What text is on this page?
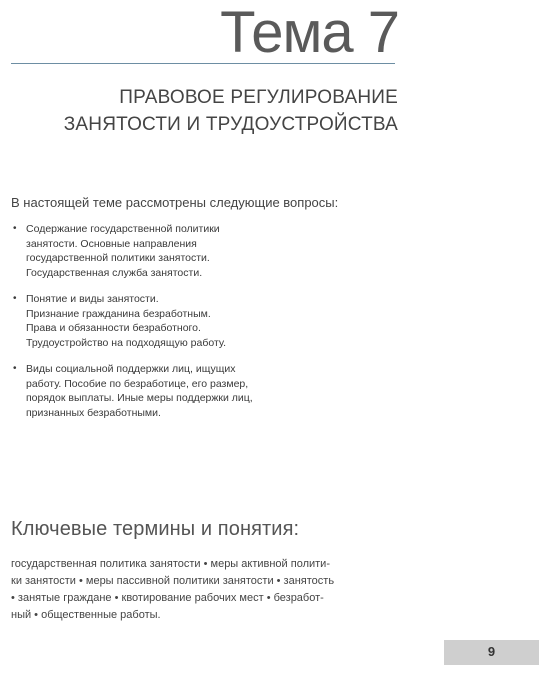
Тема 7
ПРАВОВОЕ РЕГУЛИРОВАНИЕ
ЗАНЯТОСТИ И ТРУДОУСТРОЙСТВА
В настоящей теме рассмотрены следующие вопросы:
• Содержание государственной политики
занятости. Основные направления
государственной политики занятости.
Государственная служба занятости.
• Понятие и виды занятости.
Признание гражданина безработным.
Права и обязанности безработного.
Трудоустройство на подходящую работу.
• Виды социальной поддержки лиц, ищущих
работу. Пособие по безработице, его размер,
порядок выплаты. Иные меры поддержки лиц,
признанных безработными.
Ключевые термины и понятия:
государственная политика занятости • меры активной полити-
ки занятости • меры пассивной политики занятости • занятость
• занятые граждане • квотирование рабочих мест • безработ-
ный • общественные работы.
9
